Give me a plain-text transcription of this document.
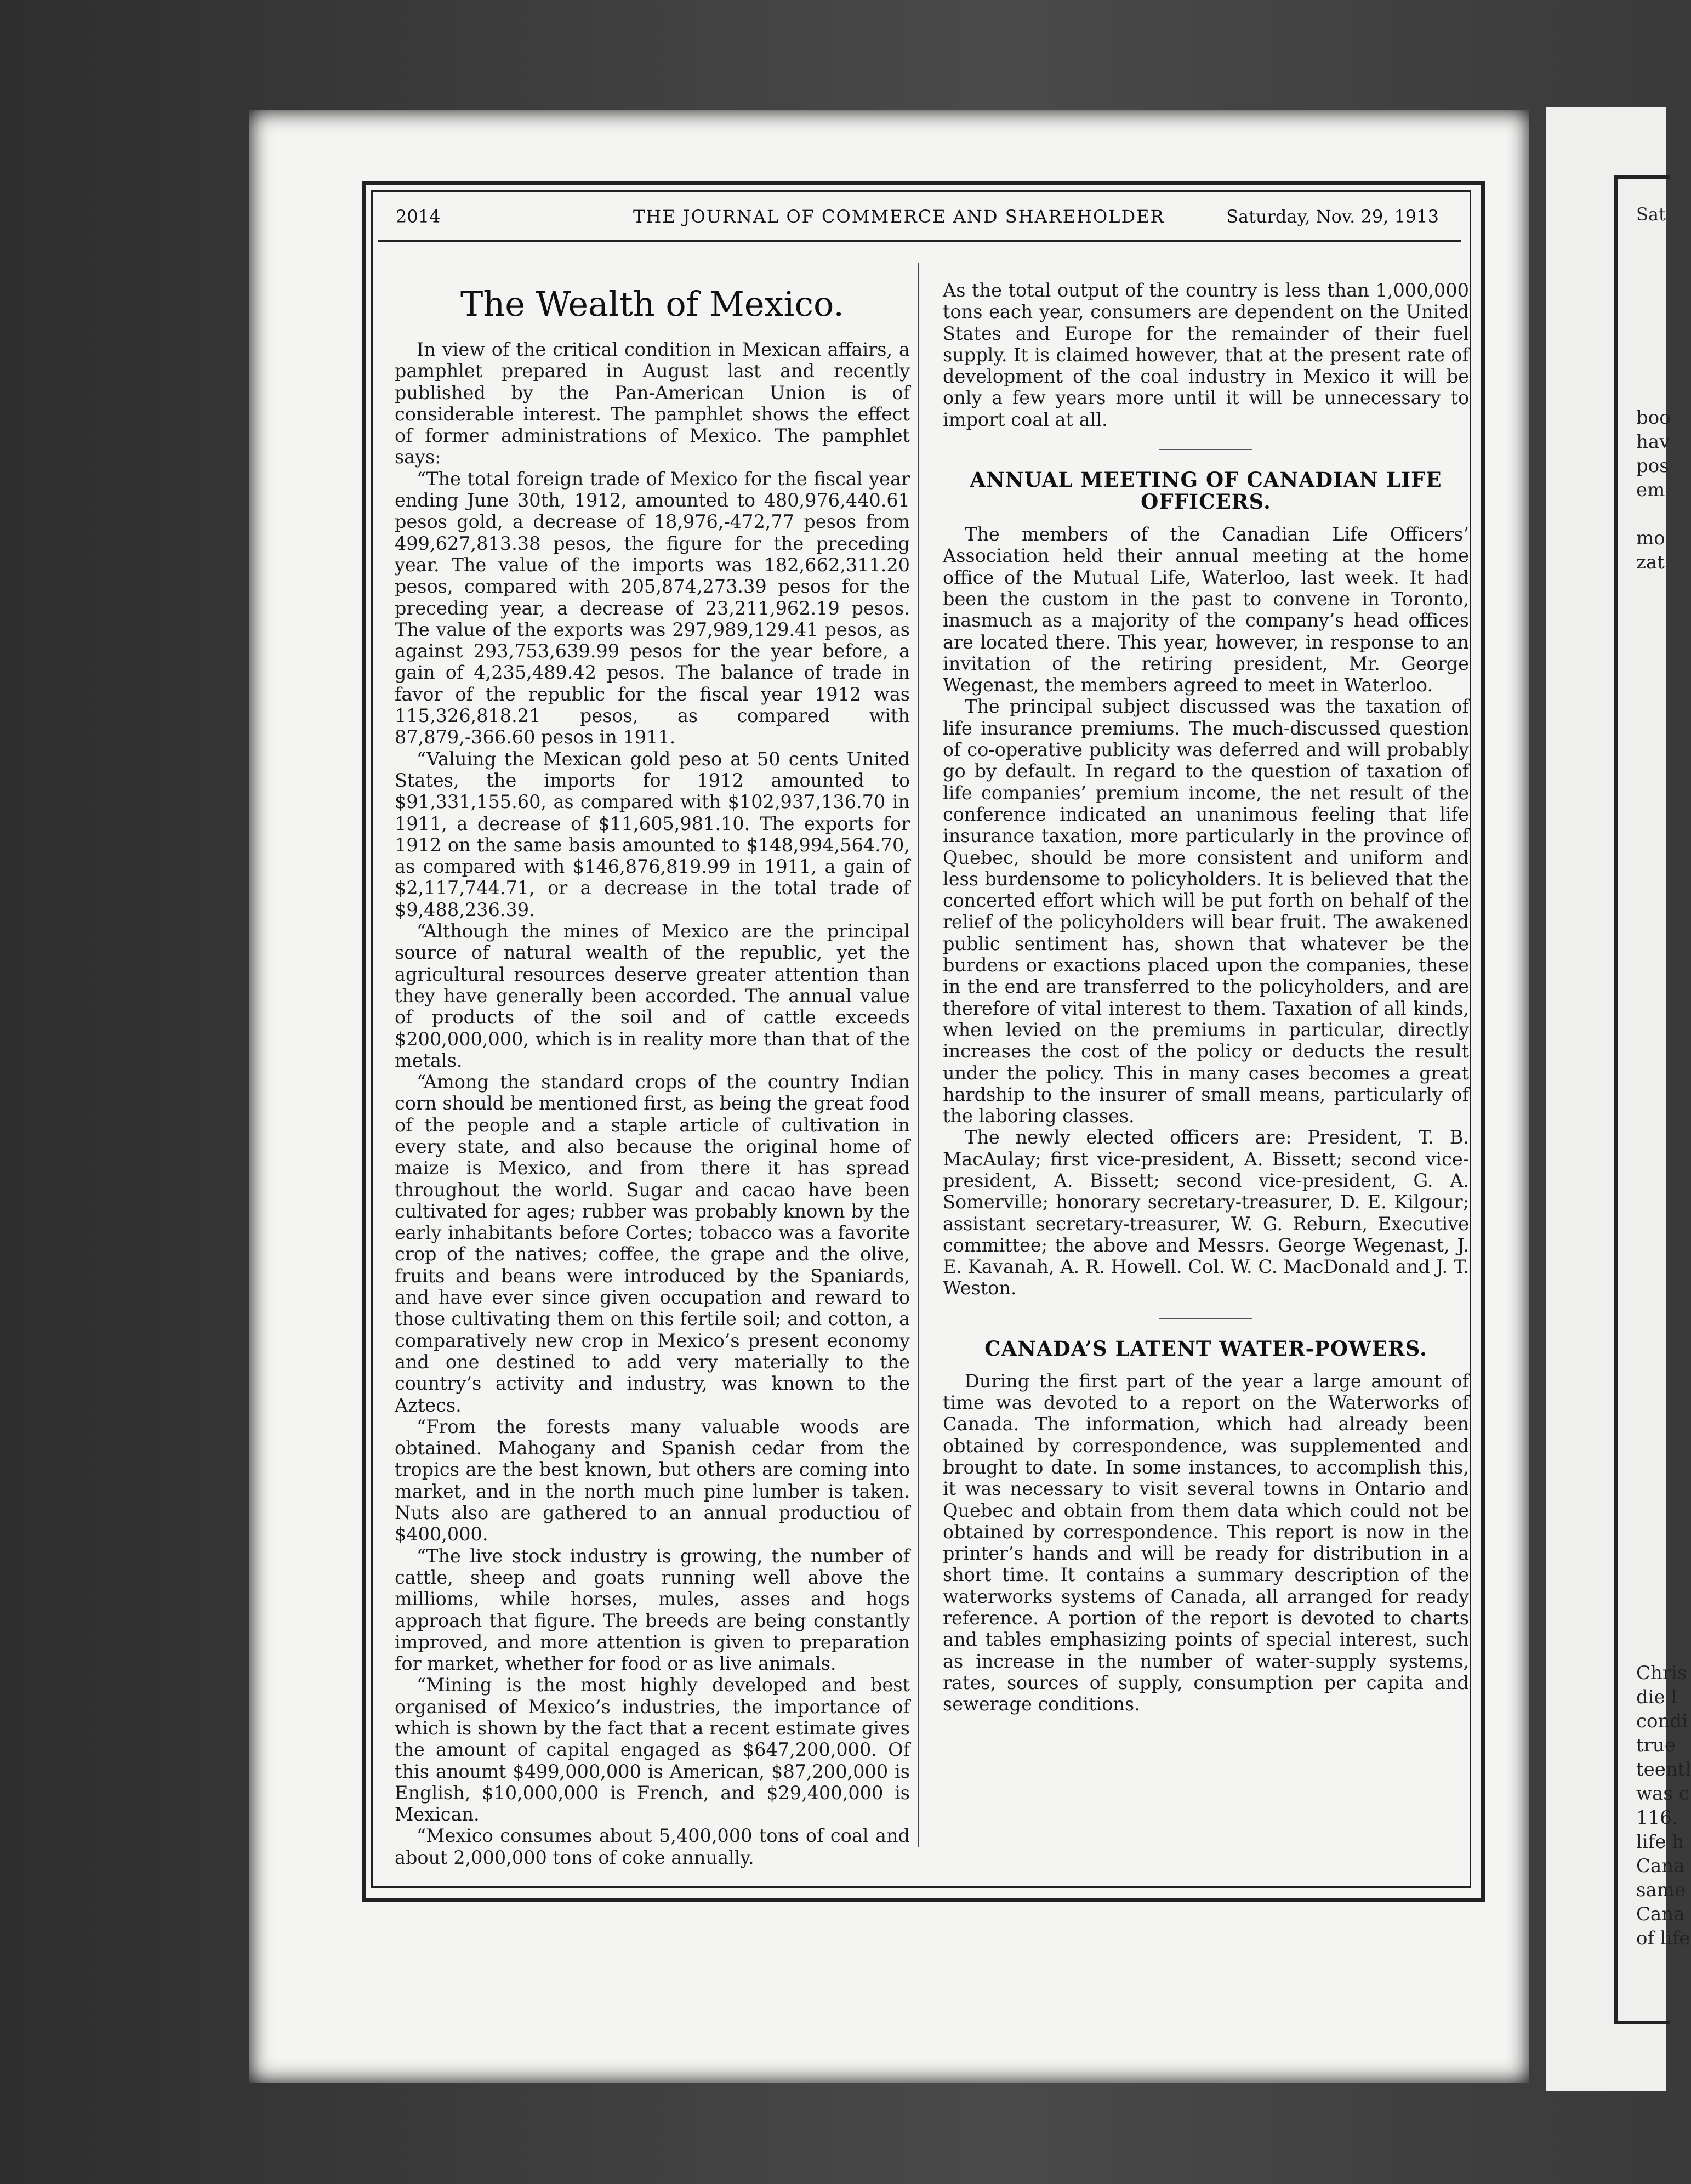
Sat
boo
hav
pos
em

mo
zat
Chris
die l
condi
true
teentl
was c
116.
life h
Cana
same
Cana
of life
2014	THE JOURNAL OF COMMERCE AND SHAREHOLDER	Saturday, Nov. 29, 1913
The Wealth of Mexico.

In view of the critical condition in Mexican affairs, a pamphlet prepared in August last and recently published by the Pan-American Union is of considerable interest. The pamphlet shows the effect of former administrations of Mexico. The pamphlet says:

“The total foreign trade of Mexico for the fiscal year ending June 30th, 1912, amounted to 480,976,440.61 pesos gold, a decrease of 18,976,-472,77 pesos from 499,627,813.38 pesos, the figure for the preceding year. The value of the imports was 182,662,311.20 pesos, compared with 205,874,273.39 pesos for the preceding year, a decrease of 23,211,962.19 pesos. The value of the exports was 297,989,129.41 pesos, as against 293,753,639.99 pesos for the year before, a gain of 4,235,489.42 pesos. The balance of trade in favor of the republic for the fiscal year 1912 was 115,326,818.21 pesos, as compared with 87,879,-366.60 pesos in 1911.

“Valuing the Mexican gold peso at 50 cents United States, the imports for 1912 amounted to $91,331,155.60, as compared with $102,937,136.70 in 1911, a decrease of $11,605,981.10. The exports for 1912 on the same basis amounted to $148,994,564.70, as compared with $146,876,819.99 in 1911, a gain of $2,117,744.71, or a decrease in the total trade of $9,488,236.39.

“Although the mines of Mexico are the principal source of natural wealth of the republic, yet the agricultural resources deserve greater attention than they have generally been accorded. The annual value of products of the soil and of cattle exceeds $200,000,000, which is in reality more than that of the metals.

“Among the standard crops of the country Indian corn should be mentioned first, as being the great food of the people and a staple article of cultivation in every state, and also because the original home of maize is Mexico, and from there it has spread throughout the world. Sugar and cacao have been cultivated for ages; rubber was probably known by the early inhabitants before Cortes; tobacco was a favorite crop of the natives; coffee, the grape and the olive, fruits and beans were introduced by the Spaniards, and have ever since given occupation and reward to those cultivating them on this fertile soil; and cotton, a comparatively new crop in Mexico’s present economy and one destined to add very materially to the country’s activity and industry, was known to the Aztecs.

“From the forests many valuable woods are obtained. Mahogany and Spanish cedar from the tropics are the best known, but others are coming into market, and in the north much pine lumber is taken. Nuts also are gathered to an annual productiou of $400,000.

“The live stock industry is growing, the number of cattle, sheep and goats running well above the millioms, while horses, mules, asses and hogs approach that figure. The breeds are being constantly improved, and more attention is given to preparation for market, whether for food or as live animals.

“Mining is the most highly developed and best organised of Mexico’s industries, the importance of which is shown by the fact that a recent estimate gives the amount of capital engaged as $647,200,000. Of this anoumt $499,000,000 is American, $87,200,000 is English, $10,000,000 is French, and $29,400,000 is Mexican.

“Mexico consumes about 5,400,000 tons of coal and about 2,000,000 tons of coke annually.

As the total output of the country is less than 1,000,000 tons each year, consumers are dependent on the United States and Europe for the remainder of their fuel supply. It is claimed however, that at the present rate of development of the coal industry in Mexico it will be only a few years more until it will be unnecessary to import coal at all.

ANNUAL MEETING OF CANADIAN LIFE OFFICERS.

The members of the Canadian Life Officers’ Association held their annual meeting at the home office of the Mutual Life, Waterloo, last week. It had been the custom in the past to convene in Toronto, inasmuch as a majority of the company’s head offices are located there. This year, however, in response to an invitation of the retiring president, Mr. George Wegenast, the members agreed to meet in Waterloo.

The principal subject discussed was the taxation of life insurance premiums. The much-discussed question of co-operative publicity was deferred and will probably go by default. In regard to the question of taxation of life companies’ premium income, the net result of the conference indicated an unanimous feeling that life insurance taxation, more particularly in the province of Quebec, should be more consistent and uniform and less burdensome to policyholders. It is believed that the concerted effort which will be put forth on behalf of the relief of the policyholders will bear fruit. The awakened public sentiment has, shown that whatever be the burdens or exactions placed upon the companies, these in the end are transferred to the policyholders, and are therefore of vital interest to them. Taxation of all kinds, when levied on the premiums in particular, directly increases the cost of the policy or deducts the result under the policy. This in many cases becomes a great hardship to the insurer of small means, particularly of the laboring classes.

The newly elected officers are: President, T. B. MacAulay; first vice-president, A. Bissett; second vice-president, A. Bissett; second vice-president, G. A. Somerville; honorary secretary-treasurer, D. E. Kilgour; assistant secretary-treasurer, W. G. Reburn, Executive committee; the above and Messrs. George Wegenast, J. E. Kavanah, A. R. Howell. Col. W. C. MacDonald and J. T. Weston.

CANADA’S LATENT WATER-POWERS.

During the first part of the year a large amount of time was devoted to a report on the Waterworks of Canada. The information, which had already been obtained by correspondence, was supplemented and brought to date. In some instances, to accomplish this, it was necessary to visit several towns in Ontario and Quebec and obtain from them data which could not be obtained by correspondence. This report is now in the printer’s hands and will be ready for distribution in a short time. It contains a summary description of the waterworks systems of Canada, all arranged for ready reference. A portion of the report is devoted to charts and tables emphasizing points of special interest, such as increase in the number of water-supply systems, rates, sources of supply, consumption per capita and sewerage conditions.
